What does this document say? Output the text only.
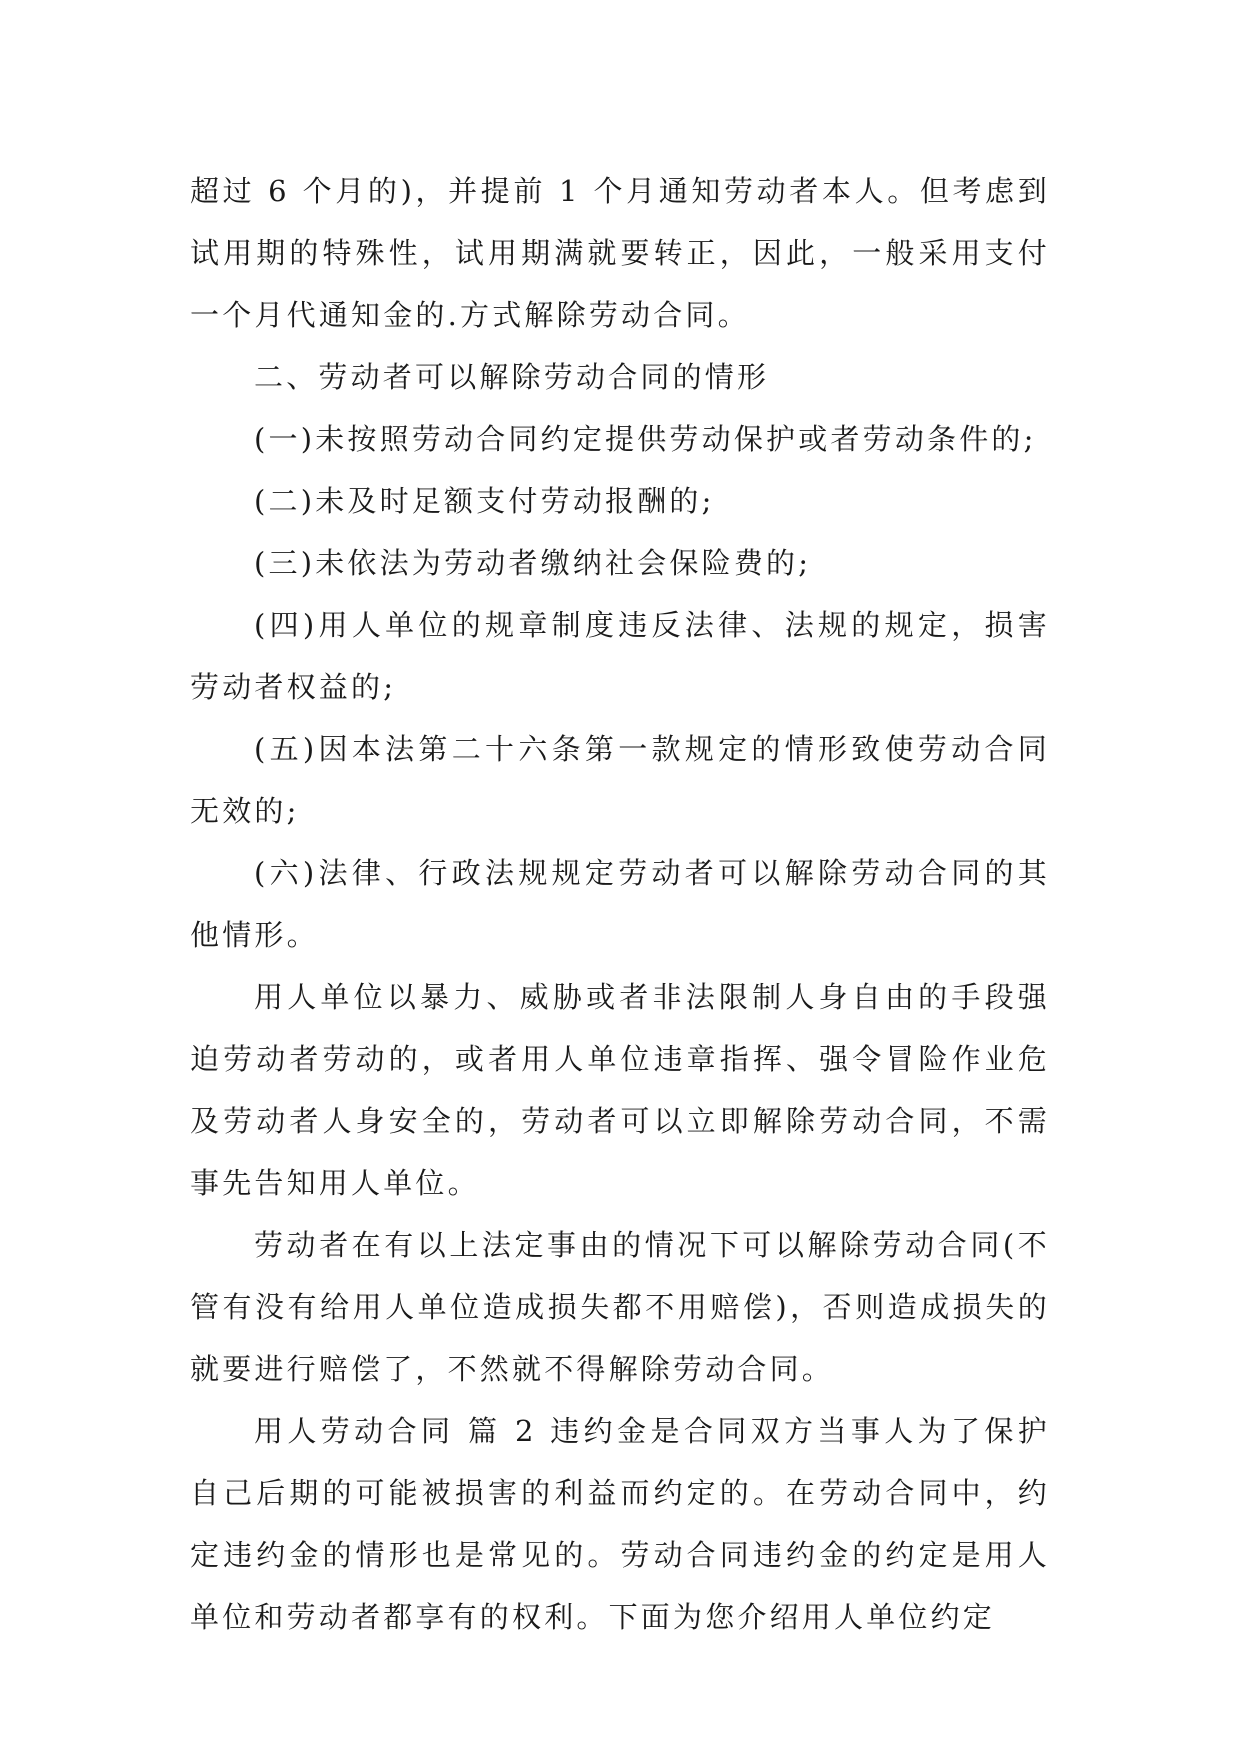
超过 6 个月的)，并提前 1 个月通知劳动者本人。但考虑到试用期的特殊性，试用期满就要转正，因此，一般采用支付一个月代通知金的.方式解除劳动合同。

二、劳动者可以解除劳动合同的情形

(一)未按照劳动合同约定提供劳动保护或者劳动条件的;

(二)未及时足额支付劳动报酬的;

(三)未依法为劳动者缴纳社会保险费的;

(四)用人单位的规章制度违反法律、法规的规定，损害劳动者权益的;

(五)因本法第二十六条第一款规定的情形致使劳动合同无效的;

(六)法律、行政法规规定劳动者可以解除劳动合同的其他情形。

用人单位以暴力、威胁或者非法限制人身自由的手段强迫劳动者劳动的，或者用人单位违章指挥、强令冒险作业危及劳动者人身安全的，劳动者可以立即解除劳动合同，不需事先告知用人单位。

劳动者在有以上法定事由的情况下可以解除劳动合同(不管有没有给用人单位造成损失都不用赔偿)，否则造成损失的就要进行赔偿了，不然就不得解除劳动合同。

用人劳动合同 篇 2 违约金是合同双方当事人为了保护自己后期的可能被损害的利益而约定的。在劳动合同中，约定违约金的情形也是常见的。劳动合同违约金的约定是用人单位和劳动者都享有的权利。下面为您介绍用人单位约定
